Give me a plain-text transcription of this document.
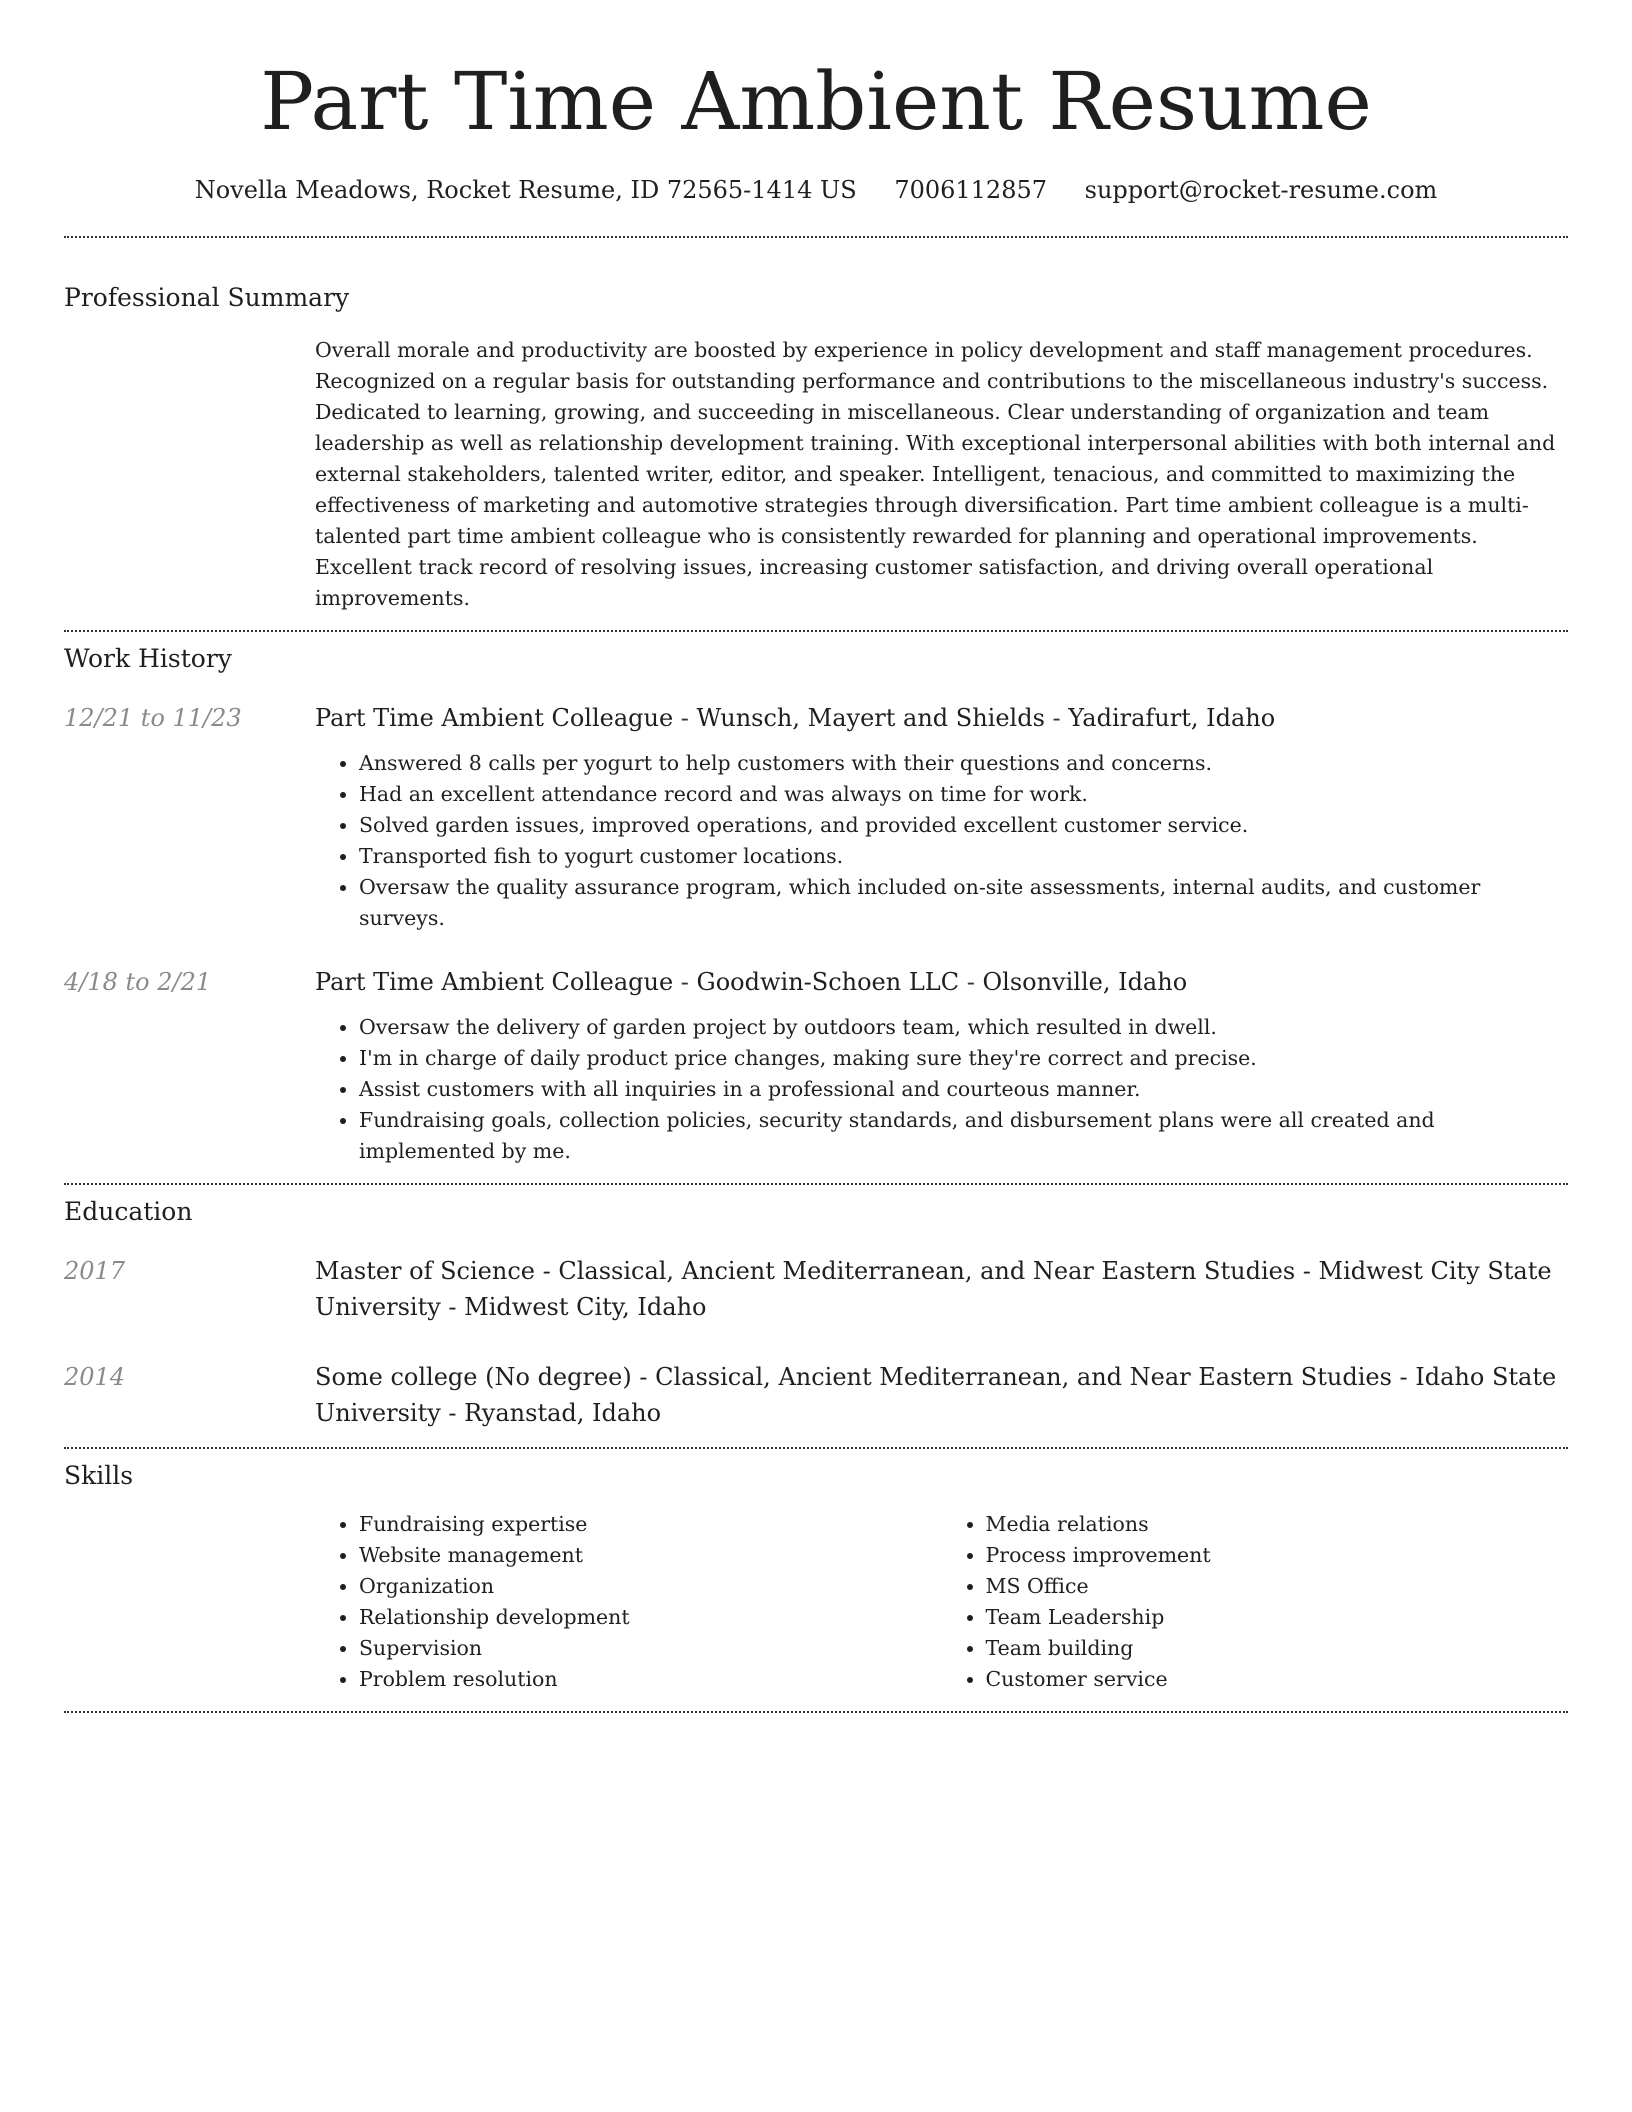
Part Time Ambient Resume
Novella Meadows, Rocket Resume, ID 72565-1414 US 7006112857 support@rocket-resume.com
Professional Summary
Overall morale and productivity are boosted by experience in policy development and staff management procedures. Recognized on a regular basis for outstanding performance and contributions to the miscellaneous industry's success. Dedicated to learning, growing, and succeeding in miscellaneous. Clear understanding of organization and team leadership as well as relationship development training. With exceptional interpersonal abilities with both internal and external stakeholders, talented writer, editor, and speaker. Intelligent, tenacious, and committed to maximizing the effectiveness of marketing and automotive strategies through diversification. Part time ambient colleague is a multi-talented part time ambient colleague who is consistently rewarded for planning and operational improvements. Excellent track record of resolving issues, increasing customer satisfaction, and driving overall operational improvements.
Work History
12/21 to 11/23	Part Time Ambient Colleague - Wunsch, Mayert and Shields - Yadirafurt, Idaho
• Answered 8 calls per yogurt to help customers with their questions and concerns.
• Had an excellent attendance record and was always on time for work.
• Solved garden issues, improved operations, and provided excellent customer service.
• Transported fish to yogurt customer locations.
• Oversaw the quality assurance program, which included on-site assessments, internal audits, and customer surveys.
4/18 to 2/21	Part Time Ambient Colleague - Goodwin-Schoen LLC - Olsonville, Idaho
• Oversaw the delivery of garden project by outdoors team, which resulted in dwell.
• I'm in charge of daily product price changes, making sure they're correct and precise.
• Assist customers with all inquiries in a professional and courteous manner.
• Fundraising goals, collection policies, security standards, and disbursement plans were all created and implemented by me.
Education
2017	Master of Science - Classical, Ancient Mediterranean, and Near Eastern Studies - Midwest City State University - Midwest City, Idaho
2014	Some college (No degree) - Classical, Ancient Mediterranean, and Near Eastern Studies - Idaho State University - Ryanstad, Idaho
Skills
• Fundraising expertise
• Website management
• Organization
• Relationship development
• Supervision
• Problem resolution
• Media relations
• Process improvement
• MS Office
• Team Leadership
• Team building
• Customer service
